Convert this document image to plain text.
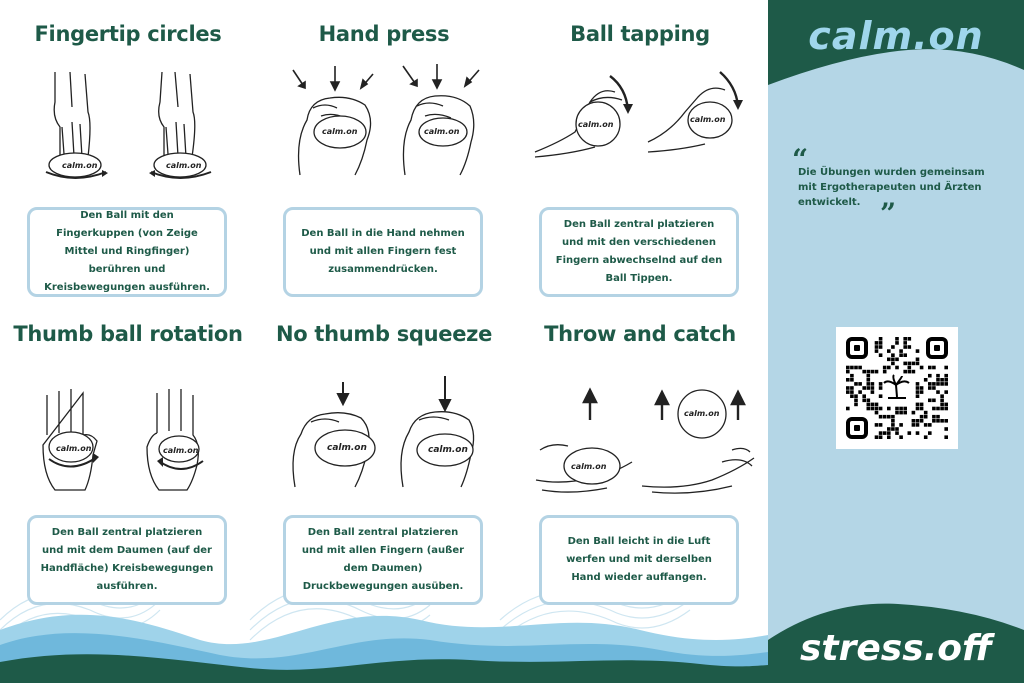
Fingertip circles	Hand press	Ball tapping
calm.on	calm.on
calm.on	calm.on
calm.on
calm.on
Den Ball mit den Fingerkuppen (von Zeige Mittel und Ringfinger) berühren und Kreisbewegungen ausführen.
Den Ball in die Hand nehmen und mit allen Fingern fest zusammendrücken.
Den Ball zentral platzieren und mit den verschiedenen Fingern abwechselnd auf den Ball Tippen.
Thumb ball rotation	No thumb squeeze	Throw and catch
calm.on	calm.on	calm.on	calm.on
calm.on
calm.on
Den Ball zentral platzieren und mit dem Daumen (auf der Handfläche) Kreisbewegungen ausführen.
Den Ball zentral platzieren und mit allen Fingern (außer dem Daumen) Druckbewegungen ausüben.
Den Ball leicht in die Luft werfen und mit derselben Hand wieder auffangen.
calm.on
“
Die Übungen wurden gemeinsam mit Ergotherapeuten und Ärzten entwickelt. ”
stress.off
